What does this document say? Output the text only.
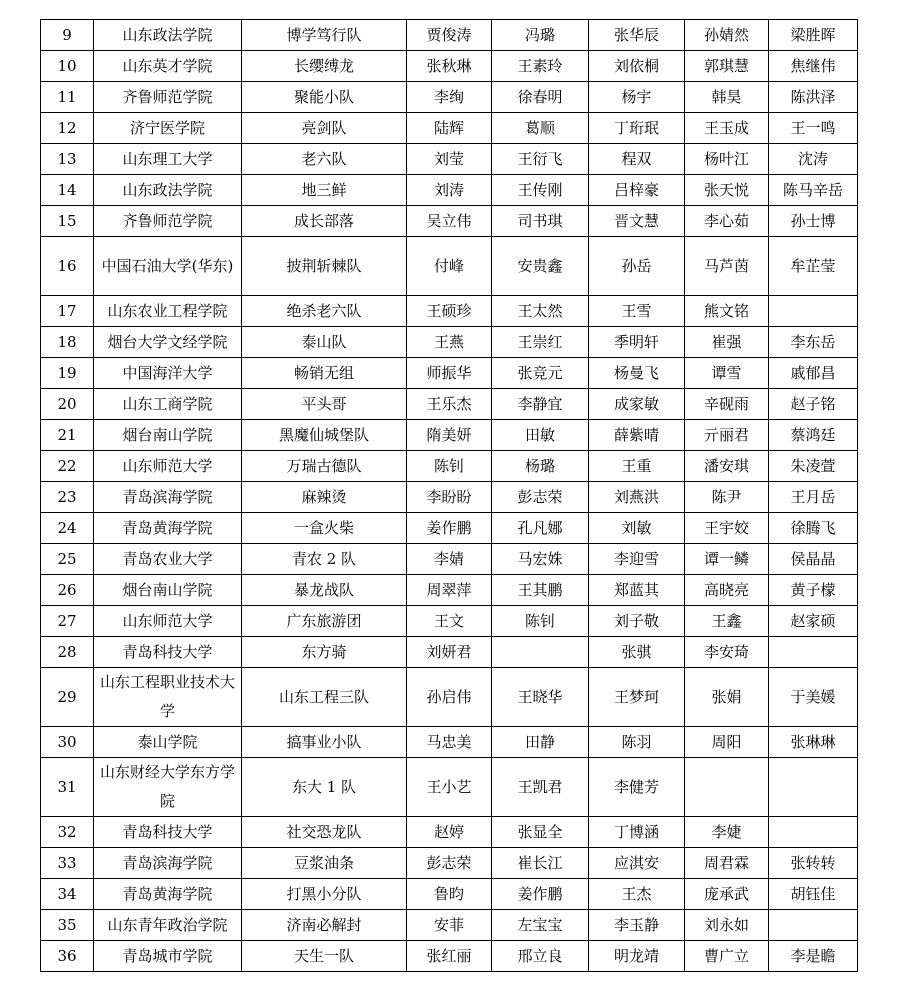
9	山东政法学院	博学笃行队	贾俊涛	冯璐	张华辰	孙婧然	梁胜晖
10	山东英才学院	长缨缚龙	张秋琳	王素玲	刘依桐	郭琪慧	焦继伟
11	齐鲁师范学院	聚能小队	李绚	徐春明	杨宇	韩昊	陈洪泽
12	济宁医学院	亮剑队	陆辉	葛顺	丁珩珉	王玉成	王一鸣
13	山东理工大学	老六队	刘莹	王衍飞	程双	杨叶江	沈涛
14	山东政法学院	地三鲜	刘涛	王传刚	吕梓豪	张天悦	陈马辛岳
15	齐鲁师范学院	成长部落	吴立伟	司书琪	晋文慧	李心茹	孙士博
16	中国石油大学(华东)	披荆斩棘队	付峰	安贵鑫	孙岳	马芦茵	牟芷莹
17	山东农业工程学院	绝杀老六队	王硕珍	王太然	王雪	熊文铭	
18	烟台大学文经学院	泰山队	王燕	王崇红	季明轩	崔强	李东岳
19	中国海洋大学	畅销无组	师振华	张竞元	杨曼飞	谭雪	戚郁昌
20	山东工商学院	平头哥	王乐杰	李静宜	成家敏	辛砚雨	赵子铭
21	烟台南山学院	黑魔仙城堡队	隋美妍	田敏	薛紫晴	亓丽君	蔡鸿廷
22	山东师范大学	万瑞古德队	陈钊	杨璐	王重	潘安琪	朱凌萱
23	青岛滨海学院	麻辣烫	李盼盼	彭志荣	刘燕洪	陈尹	王月岳
24	青岛黄海学院	一盒火柴	姜作鹏	孔凡娜	刘敏	王宇姣	徐腾飞
25	青岛农业大学	青农 2 队	李婧	马宏姝	李迎雪	谭一鳞	侯晶晶
26	烟台南山学院	暴龙战队	周翠萍	王其鹏	郑蓝其	高晓亮	黄子檬
27	山东师范大学	广东旅游团	王文	陈钊	刘子敬	王鑫	赵家硕
28	青岛科技大学	东方骑	刘妍君		张骐	李安琦	
29	山东工程职业技术大学	山东工程三队	孙启伟	王晓华	王梦珂	张娟	于美媛
30	泰山学院	搞事业小队	马忠美	田静	陈羽	周阳	张琳琳
31	山东财经大学东方学院	东大 1 队	王小艺	王凯君	李健芳		
32	青岛科技大学	社交恐龙队	赵婷	张显全	丁博涵	李婕	
33	青岛滨海学院	豆浆油条	彭志荣	崔长江	应淇安	周君霖	张转转
34	青岛黄海学院	打黑小分队	鲁昀	姜作鹏	王杰	庞承武	胡钰佳
35	山东青年政治学院	济南必解封	安菲	左宝宝	李玉静	刘永如	
36	青岛城市学院	天生一队	张红丽	邢立良	明龙靖	曹广立	李是瞻
